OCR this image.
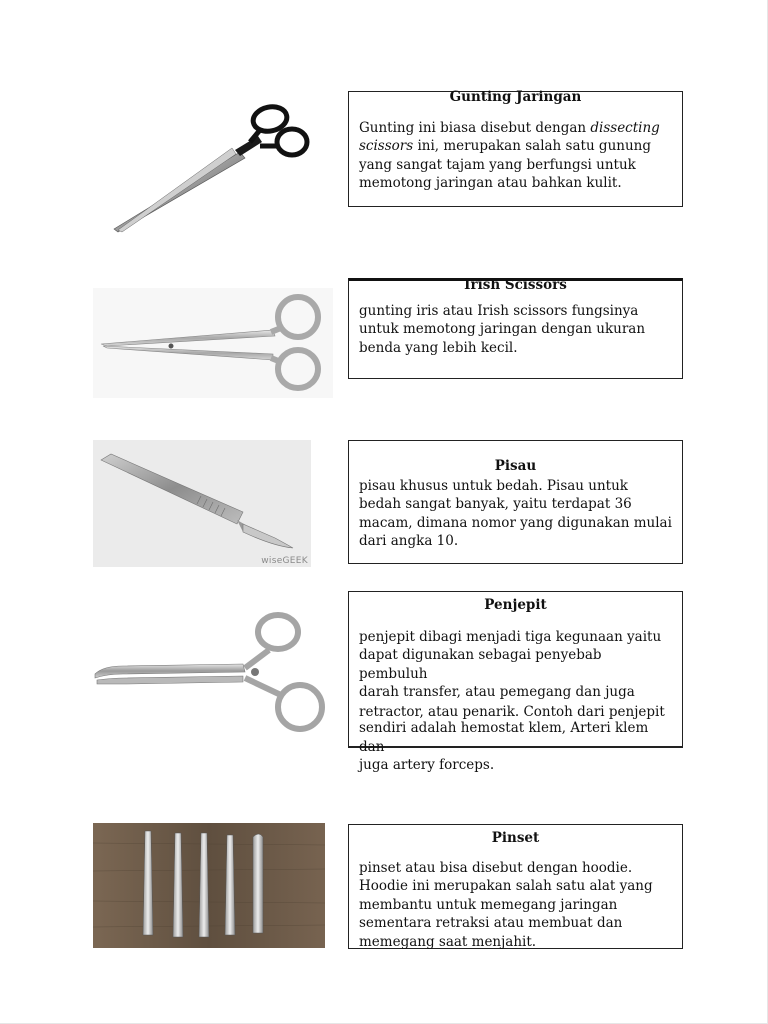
Gunting Jaringan

Gunting ini biasa disebut dengan dissecting scissors ini, merupakan salah satu gunung yang sangat tajam yang berfungsi untuk memotong jaringan atau bahkan kulit.

Irish Scissors

gunting iris atau Irish scissors fungsinya untuk memotong jaringan dengan ukuran benda yang lebih kecil.

wiseGEEK
Pisau

pisau khusus untuk bedah. Pisau untuk bedah sangat banyak, yaitu terdapat 36 macam, dimana nomor yang digunakan mulai dari angka 10.

Penjepit
penjepit dibagi menjadi tiga kegunaan yaitu
dapat digunakan sebagai penyebab pembuluh
darah transfer, atau pemegang dan juga
retractor, atau penarik. Contoh dari penjepit
sendiri adalah hemostat klem, Arteri klem dan
juga artery forceps.
Pinset

pinset atau bisa disebut dengan hoodie. Hoodie ini merupakan salah satu alat yang membantu untuk memegang jaringan sementara retraksi atau membuat dan memegang saat menjahit.
